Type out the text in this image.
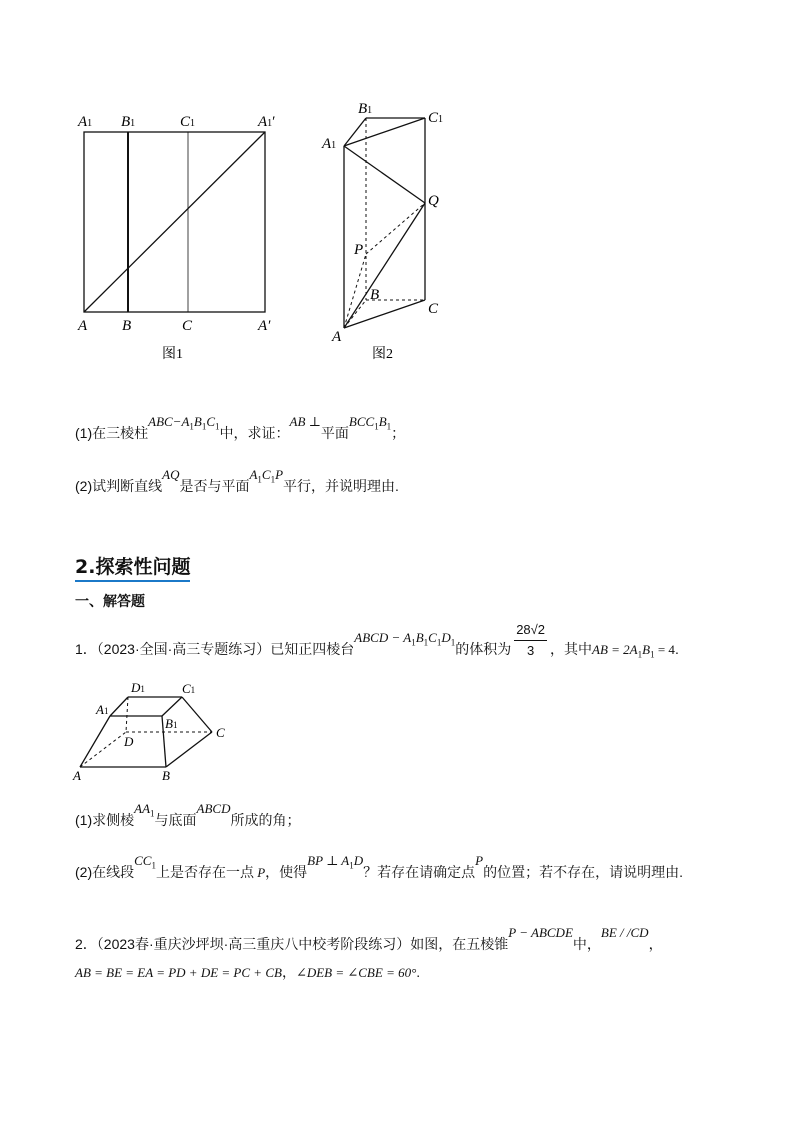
A1 B1	C1	A1′
A B	C	A′
图1
B1	C1
A1
Q
P
B
C
A
图2
(1)在三棱柱$ABC-A_1B_1C_1$中，求证：AB ⊥平面$BCC_1B_1$；
(2)试判断直线AQ是否与平面$A_1C_1P$平行，并说明理由.
2.探索性问题
一、解答题
1．（2023·全国·高三专题练习）已知正四棱台ABCD − $A_1B_1C_1D_1$的体积为 $\frac{28√2}{3}$ ，其中AB = $2A_1B_1 = 4$.
D1	C1
A1
B1
D
C
A	B
(1)求侧棱$AA_1$与底面ABCD所成的角；
(2)在线段$CC_1$上是否存在一点 P，使得BP ⊥ $A_1D$？若存在请确定点P的位置；若不存在，请说明理由.
2．（2023春·重庆沙坪坝·高三重庆八中校考阶段练习）如图，在五棱锥P − ABCDE中，BE / /CD，
AB = BE = EA = PD + DE = PC + CB，∠DEB = ∠CBE = 60°.
